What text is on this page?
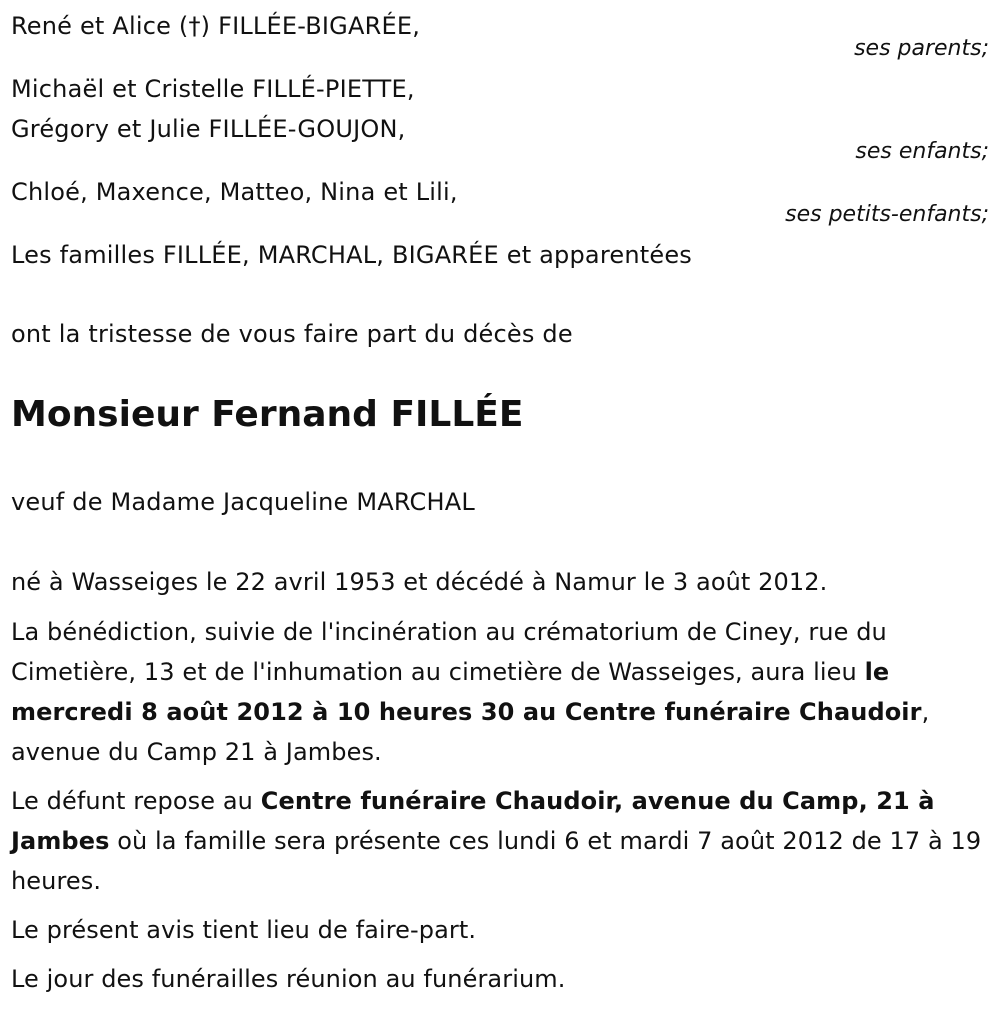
René et Alice (†) FILLÉE-BIGARÉE,

ses parents;

Michaël et Cristelle FILLÉ-PIETTE,

Grégory et Julie FILLÉE-GOUJON,

ses enfants;

Chloé, Maxence, Matteo, Nina et Lili,

ses petits-enfants;

Les familles FILLÉE, MARCHAL, BIGARÉE et apparentées

ont la tristesse de vous faire part du décès de

Monsieur Fernand FILLÉE

veuf de Madame Jacqueline MARCHAL

né à Wasseiges le 22 avril 1953 et décédé à Namur le 3 août 2012.

La bénédiction, suivie de l'incinération au crématorium de Ciney, rue du Cimetière, 13 et de l'inhumation au cimetière de Wasseiges, aura lieu le mercredi 8 août 2012 à 10 heures 30 au Centre funéraire Chaudoir, avenue du Camp 21 à Jambes.

Le défunt repose au Centre funéraire Chaudoir, avenue du Camp, 21 à Jambes où la famille sera présente ces lundi 6 et mardi 7 août 2012 de 17 à 19 heures.

Le présent avis tient lieu de faire-part.

Le jour des funérailles réunion au funérarium.
